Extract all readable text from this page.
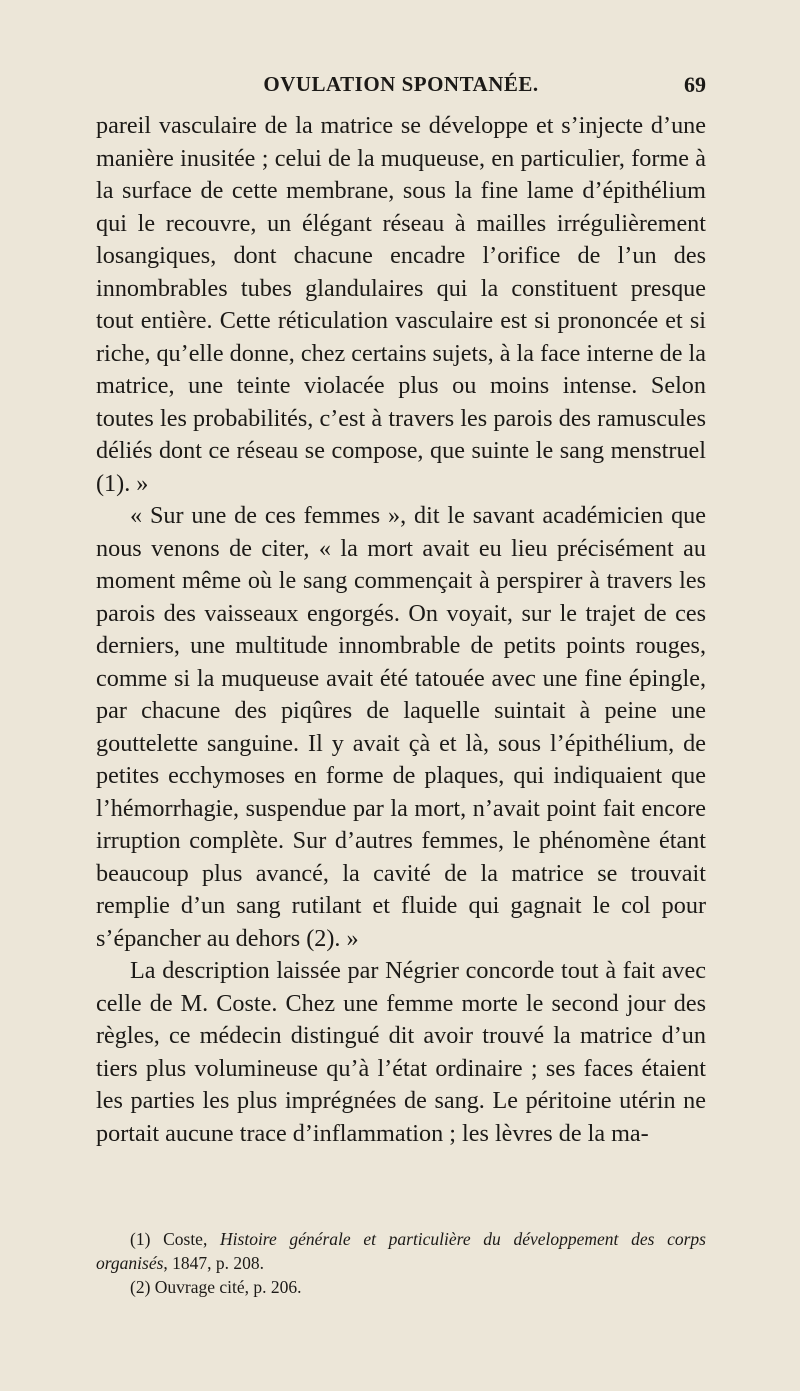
OVULATION SPONTANÉE.	69

pareil vasculaire de la matrice se développe et s’injecte d’une manière inusitée ; celui de la muqueuse, en particulier, forme à la surface de cette membrane, sous la fine lame d’épithélium qui le recouvre, un élégant réseau à mailles irrégulièrement losangiques, dont chacune encadre l’orifice de l’un des innombrables tubes glandulaires qui la constituent presque tout entière. Cette réticulation vasculaire est si prononcée et si riche, qu’elle donne, chez certains sujets, à la face interne de la matrice, une teinte violacée plus ou moins intense. Selon toutes les probabilités, c’est à travers les parois des ramuscules déliés dont ce réseau se compose, que suinte le sang menstruel (1). »

« Sur une de ces femmes », dit le savant académicien que nous venons de citer, « la mort avait eu lieu précisément au moment même où le sang commençait à perspirer à travers les parois des vaisseaux engorgés. On voyait, sur le trajet de ces derniers, une multitude innombrable de petits points rouges, comme si la muqueuse avait été tatouée avec une fine épingle, par chacune des piqûres de laquelle suintait à peine une gouttelette sanguine. Il y avait çà et là, sous l’épithélium, de petites ecchymoses en forme de plaques, qui indiquaient que l’hémorrhagie, suspendue par la mort, n’avait point fait encore irruption complète. Sur d’autres femmes, le phénomène étant beaucoup plus avancé, la cavité de la matrice se trouvait remplie d’un sang rutilant et fluide qui gagnait le col pour s’épancher au dehors (2). »

La description laissée par Négrier concorde tout à fait avec celle de M. Coste. Chez une femme morte le second jour des règles, ce médecin distingué dit avoir trouvé la matrice d’un tiers plus volumineuse qu’à l’état ordinaire ; ses faces étaient les parties les plus imprégnées de sang. Le péritoine utérin ne portait aucune trace d’inflammation ; les lèvres de la ma-

(1) Coste, Histoire générale et particulière du développement des corps organisés, 1847, p. 208.

(2) Ouvrage cité, p. 206.
